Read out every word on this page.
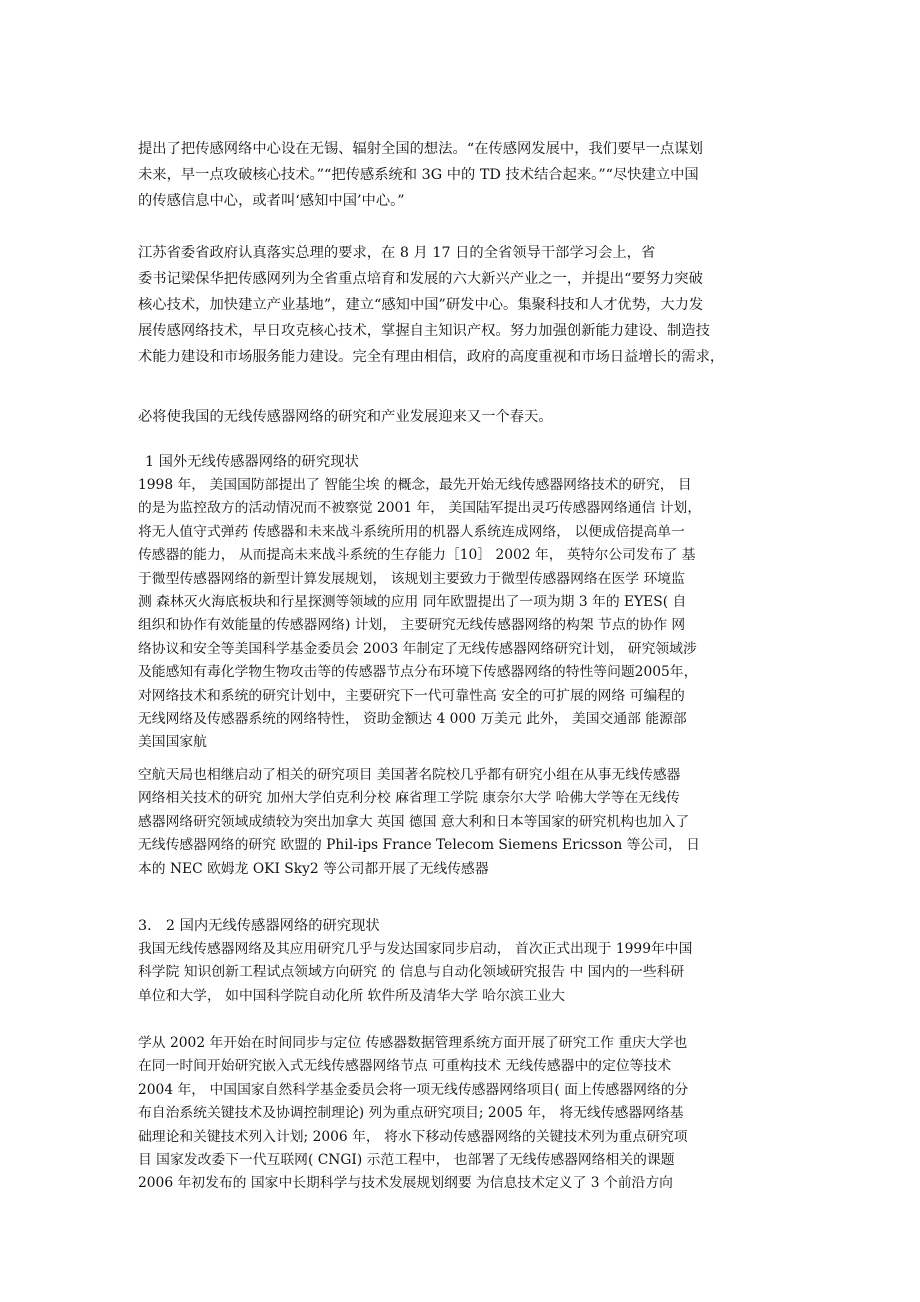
提出了把传感网络中心设在无锡、辐射全国的想法。“在传感网发展中，我们要早一点谋划
未来，早一点攻破核心技术。”“把传感系统和 3G 中的 TD 技术结合起来。”“尽快建立中国
的传感信息中心，或者叫‘感知中国’中心。”

江苏省委省政府认真落实总理的要求，在 8 月 17 日的全省领导干部学习会上，省
委书记梁保华把传感网列为全省重点培育和发展的六大新兴产业之一，并提出“要努力突破
核心技术，加快建立产业基地”，建立“感知中国”研发中心。集聚科技和人才优势，大力发
展传感网络技术，早日攻克核心技术，掌握自主知识产权。努力加强创新能力建设、制造技
术能力建设和市场服务能力建设。完全有理由相信，政府的高度重视和市场日益增长的需求，

必将使我国的无线传感器网络的研究和产业发展迎来又一个春天。

1 国外无线传感器网络的研究现状
1998 年， 美国国防部提出了 智能尘埃 的概念，最先开始无线传感器网络技术的研究， 目
的是为监控敌方的活动情况而不被察觉 2001 年， 美国陆军提出灵巧传感器网络通信 计划，
将无人值守式弹药 传感器和未来战斗系统所用的机器人系统连成网络， 以便成倍提高单一
传感器的能力， 从而提高未来战斗系统的生存能力［10］ 2002 年， 英特尔公司发布了 基
于微型传感器网络的新型计算发展规划， 该规划主要致力于微型传感器网络在医学 环境监
测 森林灭火海底板块和行星探测等领域的应用 同年欧盟提出了一项为期 3 年的 EYES( 自
组织和协作有效能量的传感器网络) 计划， 主要研究无线传感器网络的构架 节点的协作 网
络协议和安全等美国科学基金委员会 2003 年制定了无线传感器网络研究计划， 研究领域涉
及能感知有毒化学物生物攻击等的传感器节点分布环境下传感器网络的特性等问题2005年，
对网络技术和系统的研究计划中，主要研究下一代可靠性高 安全的可扩展的网络 可编程的
无线网络及传感器系统的网络特性， 资助金额达 4 000 万美元 此外， 美国交通部 能源部
美国国家航
空航天局也相继启动了相关的研究项目 美国著名院校几乎都有研究小组在从事无线传感器
网络相关技术的研究 加州大学伯克利分校 麻省理工学院 康奈尔大学 哈佛大学等在无线传
感器网络研究领域成绩较为突出加拿大 英国 德国 意大利和日本等国家的研究机构也加入了
无线传感器网络的研究 欧盟的 Phil-ips France Telecom Siemens Ericsson 等公司， 日
本的 NEC 欧姆龙 OKI Sky2 等公司都开展了无线传感器
3． 2 国内无线传感器网络的研究现状
我国无线传感器网络及其应用研究几乎与发达国家同步启动， 首次正式出现于 1999年中国
科学院 知识创新工程试点领域方向研究 的 信息与自动化领域研究报告 中 国内的一些科研
单位和大学， 如中国科学院自动化所 软件所及清华大学 哈尔滨工业大
学从 2002 年开始在时间同步与定位 传感器数据管理系统方面开展了研究工作 重庆大学也
在同一时间开始研究嵌入式无线传感器网络节点 可重构技术 无线传感器中的定位等技术
2004 年， 中国国家自然科学基金委员会将一项无线传感器网络项目( 面上传感器网络的分
布自治系统关键技术及协调控制理论) 列为重点研究项目; 2005 年， 将无线传感器网络基
础理论和关键技术列入计划; 2006 年， 将水下移动传感器网络的关键技术列为重点研究项
目 国家发改委下一代互联网( CNGI) 示范工程中， 也部署了无线传感器网络相关的课题
2006 年初发布的 国家中长期科学与技术发展规划纲要 为信息技术定义了 3 个前沿方向
